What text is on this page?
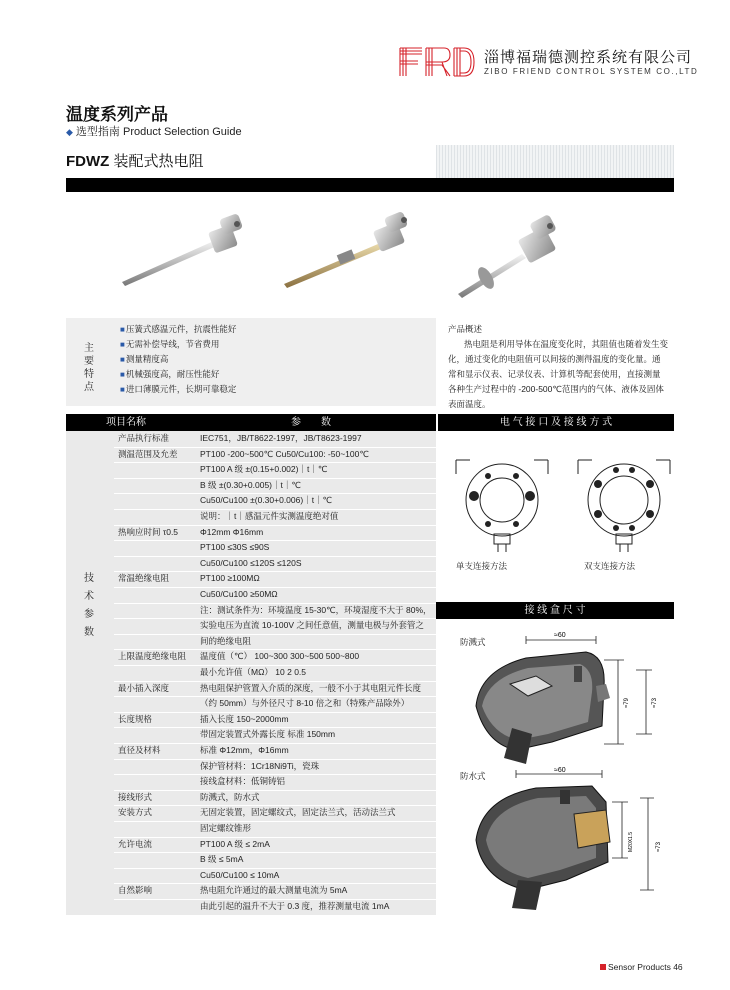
淄博福瑞德测控系统有限公司
ZIBO FRIEND CONTROL SYSTEM CO.,LTD
温度系列产品
◆ 选型指南 Product Selection Guide
FDWZ 装配式热电阻
主要特点
■压簧式感温元件，抗震性能好
■无需补偿导线，节省费用
■测量精度高
■机械强度高，耐压性能好
■进口薄膜元件，长期可靠稳定
产品概述
热电阻是利用导体在温度变化时，其阻值也随着发生变化，通过变化的电阻值可以间接的测得温度的变化量。通常和显示仪表、记录仪表、计算机等配套使用，直接测量各种生产过程中的 -200-500℃范围内的气体、液体及固体表面温度。
项目名称	参　　数	电 气 接 口 及 接 线 方 式
技术参数
产品执行标准	IEC751，JB/T8622-1997，JB/T8623-1997
测温范围及允差	PT100 -200~500℃ Cu50/Cu100: -50~100℃
PT100 A 级 ±(0.15+0.002)｜t｜℃
B 级 ±(0.30+0.005)｜t｜℃
Cu50/Cu100 ±(0.30+0.006)｜t｜℃
说明：｜t｜感温元件实测温度绝对值
热响应时间 τ0.5	Φ12mm Φ16mm
PT100 ≤30S ≤90S
Cu50/Cu100 ≤120S ≤120S
常温绝缘电阻	PT100 ≥100MΩ
Cu50/Cu100 ≥50MΩ
注：测试条件为：环境温度 15-30℃，环境湿度不大于 80%，
实验电压为直流 10-100V 之间任意值，测量电极与外套管之
间的绝缘电阻
上限温度绝缘电阻 温度值（℃） 100~300 300~500 500~800
最小允许值（MΩ） 10 2 0.5
最小插入深度	热电阻保护管置入介质的深度，一般不小于其电阻元件长度
（约 50mm）与外径尺寸 8-10 倍之和（特殊产品除外）
长度规格	插入长度 150~2000mm
带固定装置式外露长度 标准 150mm
直径及材料	标准 Φ12mm，Φ16mm
保护管材料：1Cr18Ni9Ti，瓷珠
接线盒材料：低铜铸铝
接线形式	防溅式，防水式
安装方式	无固定装置，固定螺纹式，固定法兰式，活动法兰式
固定螺纹锥形
允许电流	PT100 A 级 ≤ 2mA
B 级 ≤ 5mA
Cu50/Cu100 ≤ 10mA
自然影响	热电阻允许通过的最大测量电流为 5mA
由此引起的温升不大于 0.3 度，推荐测量电流 1mA
单支连接方法	双支连接方法
接 线 盒 尺 寸
防溅式
防水式
≈60
≈79	≈73
≈60
M20X1.5	≈73
Sensor Products 46
